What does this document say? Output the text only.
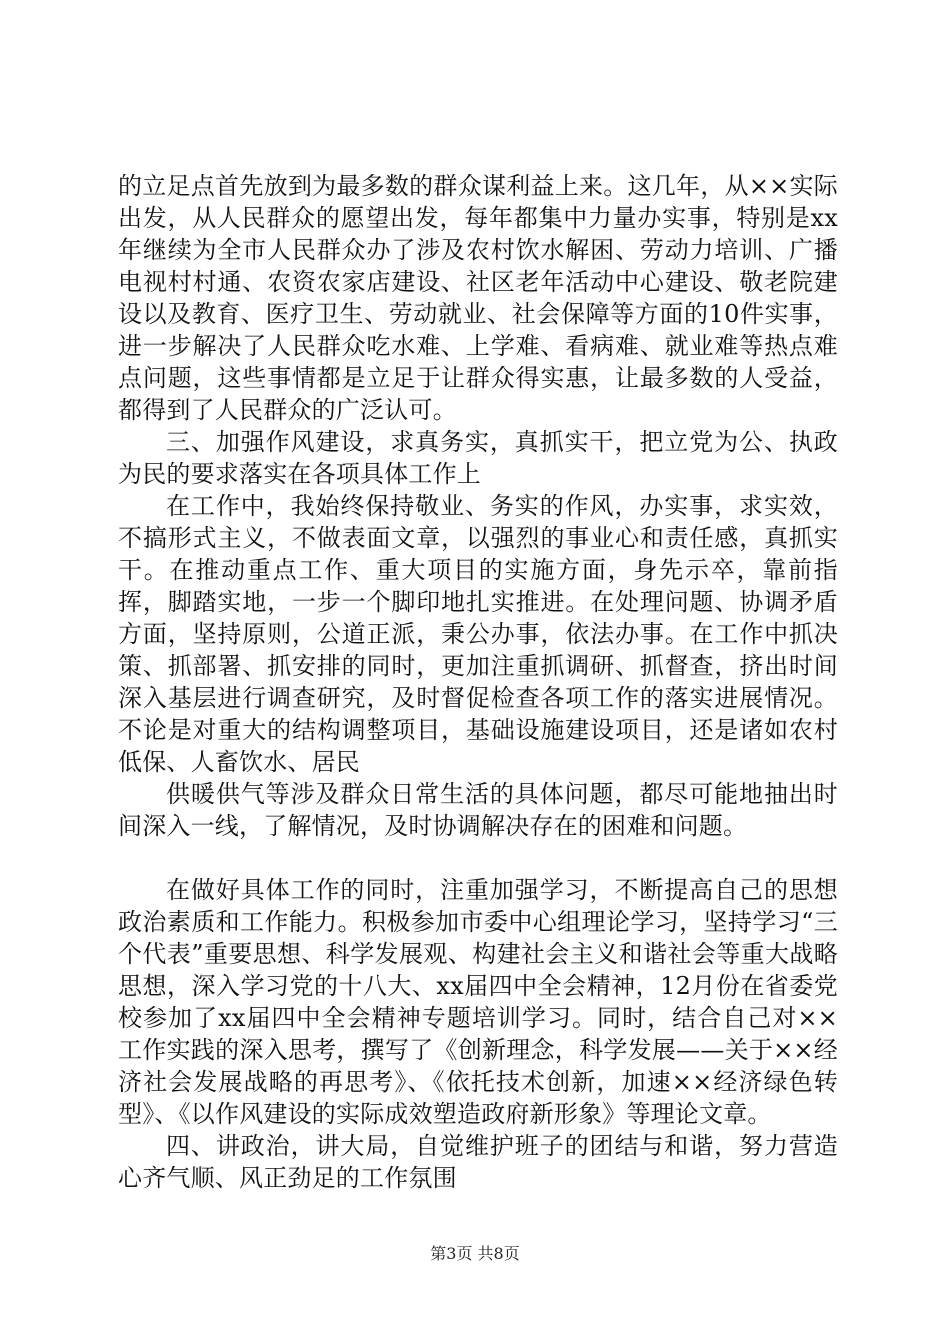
的立足点首先放到为最多数的群众谋利益上来。这几年，从××实际出发，从人民群众的愿望出发，每年都集中力量办实事，特别是xx年继续为全市人民群众办了涉及农村饮水解困、劳动力培训、广播电视村村通、农资农家店建设、社区老年活动中心建设、敬老院建设以及教育、医疗卫生、劳动就业、社会保障等方面的10件实事，进一步解决了人民群众吃水难、上学难、看病难、就业难等热点难点问题，这些事情都是立足于让群众得实惠，让最多数的人受益，都得到了人民群众的广泛认可。

三、加强作风建设，求真务实，真抓实干，把立党为公、执政为民的要求落实在各项具体工作上

在工作中，我始终保持敬业、务实的作风，办实事，求实效，不搞形式主义，不做表面文章，以强烈的事业心和责任感，真抓实干。在推动重点工作、重大项目的实施方面，身先示卒，靠前指挥，脚踏实地，一步一个脚印地扎实推进。在处理问题、协调矛盾方面，坚持原则，公道正派，秉公办事，依法办事。在工作中抓决策、抓部署、抓安排的同时，更加注重抓调研、抓督查，挤出时间深入基层进行调查研究，及时督促检查各项工作的落实进展情况。不论是对重大的结构调整项目，基础设施建设项目，还是诸如农村低保、人畜饮水、居民

供暖供气等涉及群众日常生活的具体问题，都尽可能地抽出时间深入一线，了解情况，及时协调解决存在的困难和问题。

在做好具体工作的同时，注重加强学习，不断提高自己的思想政治素质和工作能力。积极参加市委中心组理论学习，坚持学习“三个代表”重要思想、科学发展观、构建社会主义和谐社会等重大战略思想，深入学习党的十八大、xx届四中全会精神，12月份在省委党校参加了xx届四中全会精神专题培训学习。同时，结合自己对××工作实践的深入思考，撰写了《创新理念，科学发展——关于××经济社会发展战略的再思考》、《依托技术创新，加速××经济绿色转型》、《以作风建设的实际成效塑造政府新形象》等理论文章。

四、讲政治，讲大局，自觉维护班子的团结与和谐，努力营造心齐气顺、风正劲足的工作氛围

第3页 共8页
